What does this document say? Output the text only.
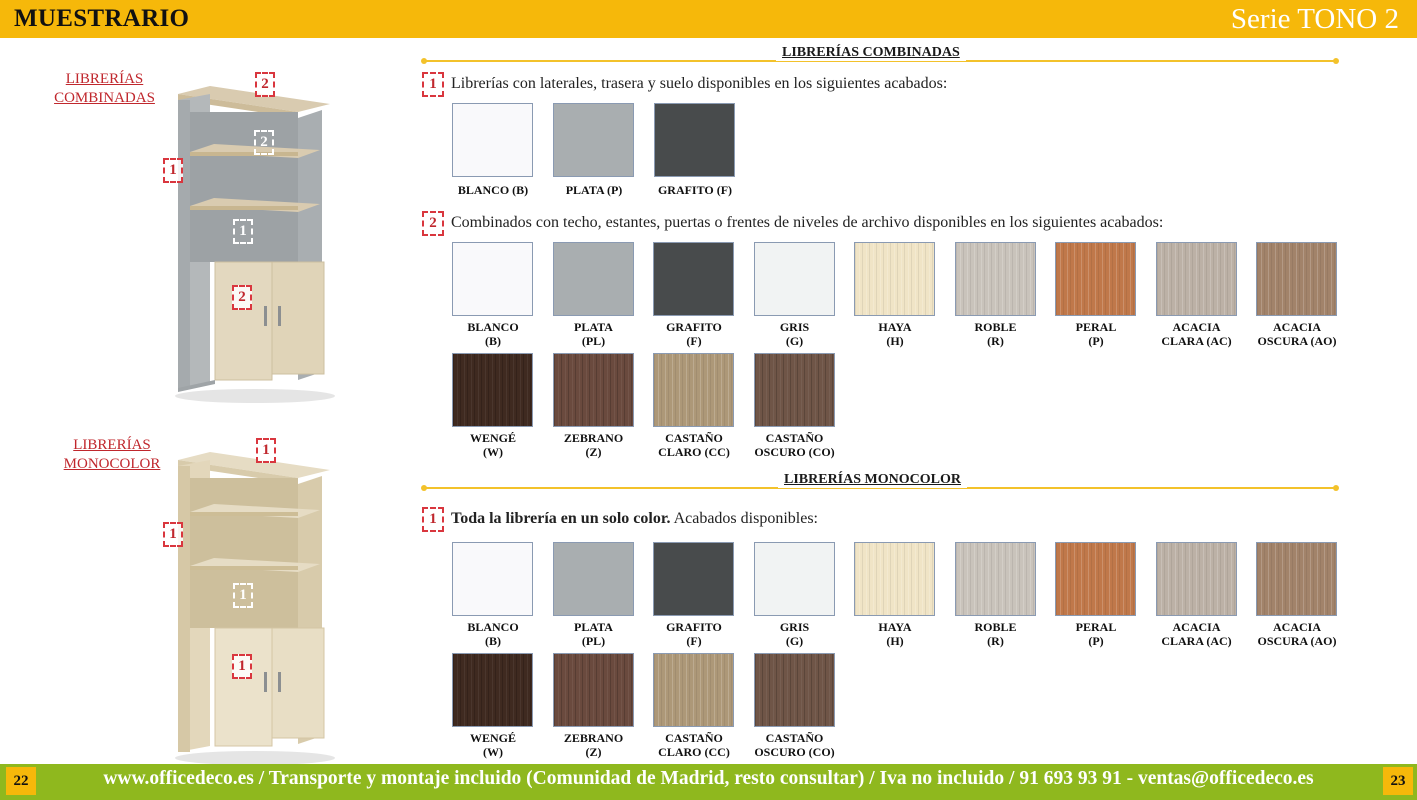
MUESTRARIO	Serie TONO 2
LIBRERÍAS
COMBINADAS
2
2
1
1
2
LIBRERÍAS
MONOCOLOR
1
1
1
1
LIBRERÍAS COMBINADAS
1 Librerías con laterales, trasera y suelo disponibles en los siguientes acabados:
BLANCO (B)	PLATA (P)	GRAFITO (F)
2 Combinados con techo, estantes, puertas o frentes de niveles de archivo disponibles en los siguientes acabados:
BLANCO
(B)
PLATA
(PL)
GRAFITO
(F)
GRIS
(G)
HAYA
(H)
ROBLE
(R)
PERAL
(P)
ACACIA
CLARA (AC)
ACACIA
OSCURA (AO)
WENGÉ
(W)
ZEBRANO
(Z)
CASTAÑO
CLARO (CC)
CASTAÑO
OSCURO (CO)
LIBRERÍAS MONOCOLOR
1 Toda la librería en un solo color. Acabados disponibles:
BLANCO
(B)
PLATA
(PL)
GRAFITO
(F)
GRIS
(G)
HAYA
(H)
ROBLE
(R)
PERAL
(P)
ACACIA
CLARA (AC)
ACACIA
OSCURA (AO)
WENGÉ
(W)
ZEBRANO
(Z)
CASTAÑO
CLARO (CC)
CASTAÑO
OSCURO (CO)
www.officedeco.es / Transporte y montaje incluido (Comunidad de Madrid, resto consultar) / Iva no incluido / 91 693 93 91 - ventas@officedeco.es
22	23
